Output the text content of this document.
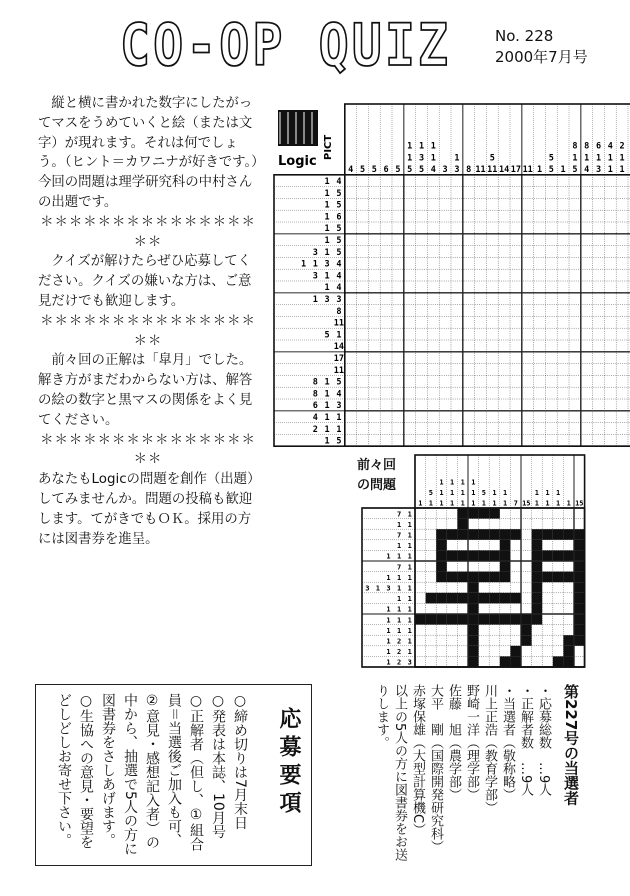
CO-OP QUIZ	No. 228
2000年7月号

縦と横に書かれた数字にしたがってマスをうめていくと絵（または文字）が現れます。それは何でしょう。（ヒント＝カワニナが好きです。）今回の問題は理学研究科の中村さんの出題です。

＊＊＊＊＊＊＊＊＊＊＊＊＊＊＊＊＊

クイズが解けたらぜひ応募してください。クイズの嫌いな方は、ご意見だけでも歓迎します。

＊＊＊＊＊＊＊＊＊＊＊＊＊＊＊＊＊

前々回の正解は「皐月」でした。解き方がまだわからない方は、解答の絵の数字と黒マスの関係をよく見てください。

＊＊＊＊＊＊＊＊＊＊＊＊＊＊＊＊＊

あなたもLogicの問題を創作（出題）してみませんか。問題の投稿も歓迎します。てがきでもＯＫ。採用の方には図書券を進呈。

4 5 5 6 5
1
1
5
1
3
5
1
1
4 3
1
3 8 11
5
11 14 17 11 1
5
5 1
8
1
5
8
1
4
6
1
3
4
1
1
2
1
1
1 4
1 5
1 5
1 6
1 5
1 5
3 1 5
1 1 3 4
3 1 4
1 4
1 3 3
8
11
5 1
14
17
11
8 1 5
8 1 4
6 1 3
4 1 1
2 1 1
1 5
1
5
1
1
1
1
1
1
1
1
1
1
1
1
1
5
1
1
1
1
1 7 15
1
1
1
1
1
1 1 15
7 1
1 1
7 1
1 1
1 1 1
7 1
1 1 1
3 1 3 1 1
1 1
1 1 1
1 1 1
1 1 1
1 2 1
1 2 1
1 2 3
Logic
PICT
前々回
の問題
応募要項
○締め切りは7月末日
○発表は本誌、10月号
○正解者（但し、①組合員＝当選後ご加入も可、②意見・感想記入者）の中から、抽選で5人の方に図書券をさしあげます。
○生協への意見・要望をどしどしお寄せ下さい。	第227号の当選者
・応募総数　…9人
・正解者数　…9人
・当選者（敬称略）
川上正浩（教育学部）
野崎一洋（理学部）
佐藤　旭（農学部）
大平　剛（国際開発研究科）
赤塚保雄（大型計算機C）
以上の5人の方に図書券をお送りします。
